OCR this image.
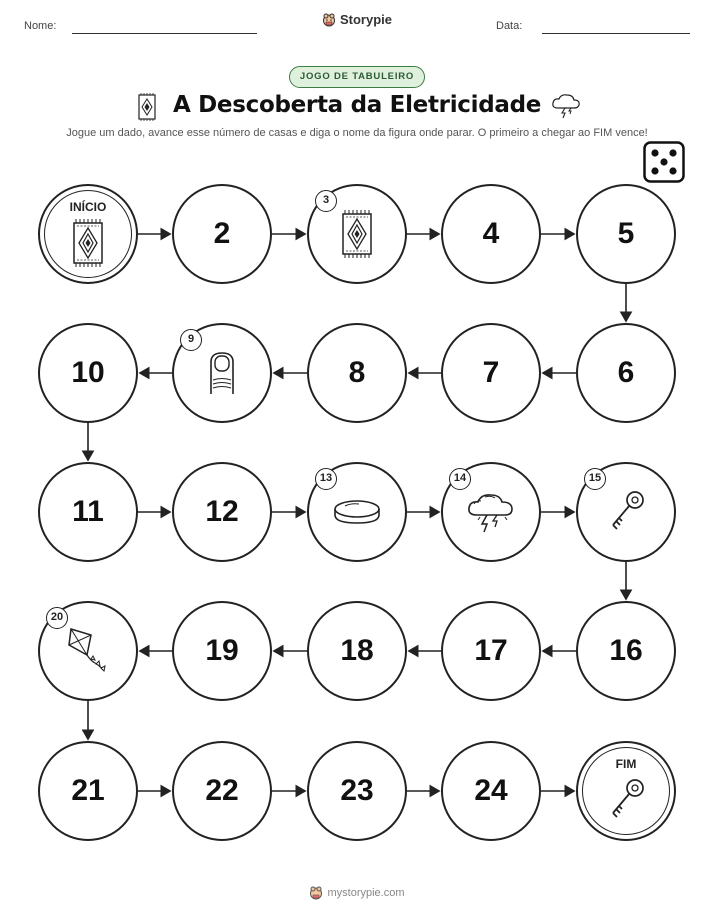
Nome:	Storypie	Data:
JOGO DE TABULEIRO
A Descoberta da Eletricidade
Jogue um dado, avance esse número de casas e diga o nome da figura onde parar. O primeiro a chegar ao FIM vence!
INÍCIO
2
3
4	5
6
7
8
9
10
11	12
13	14	15
16
17
18
19
20
21	22	23	24
FIM
mystorypie.com
